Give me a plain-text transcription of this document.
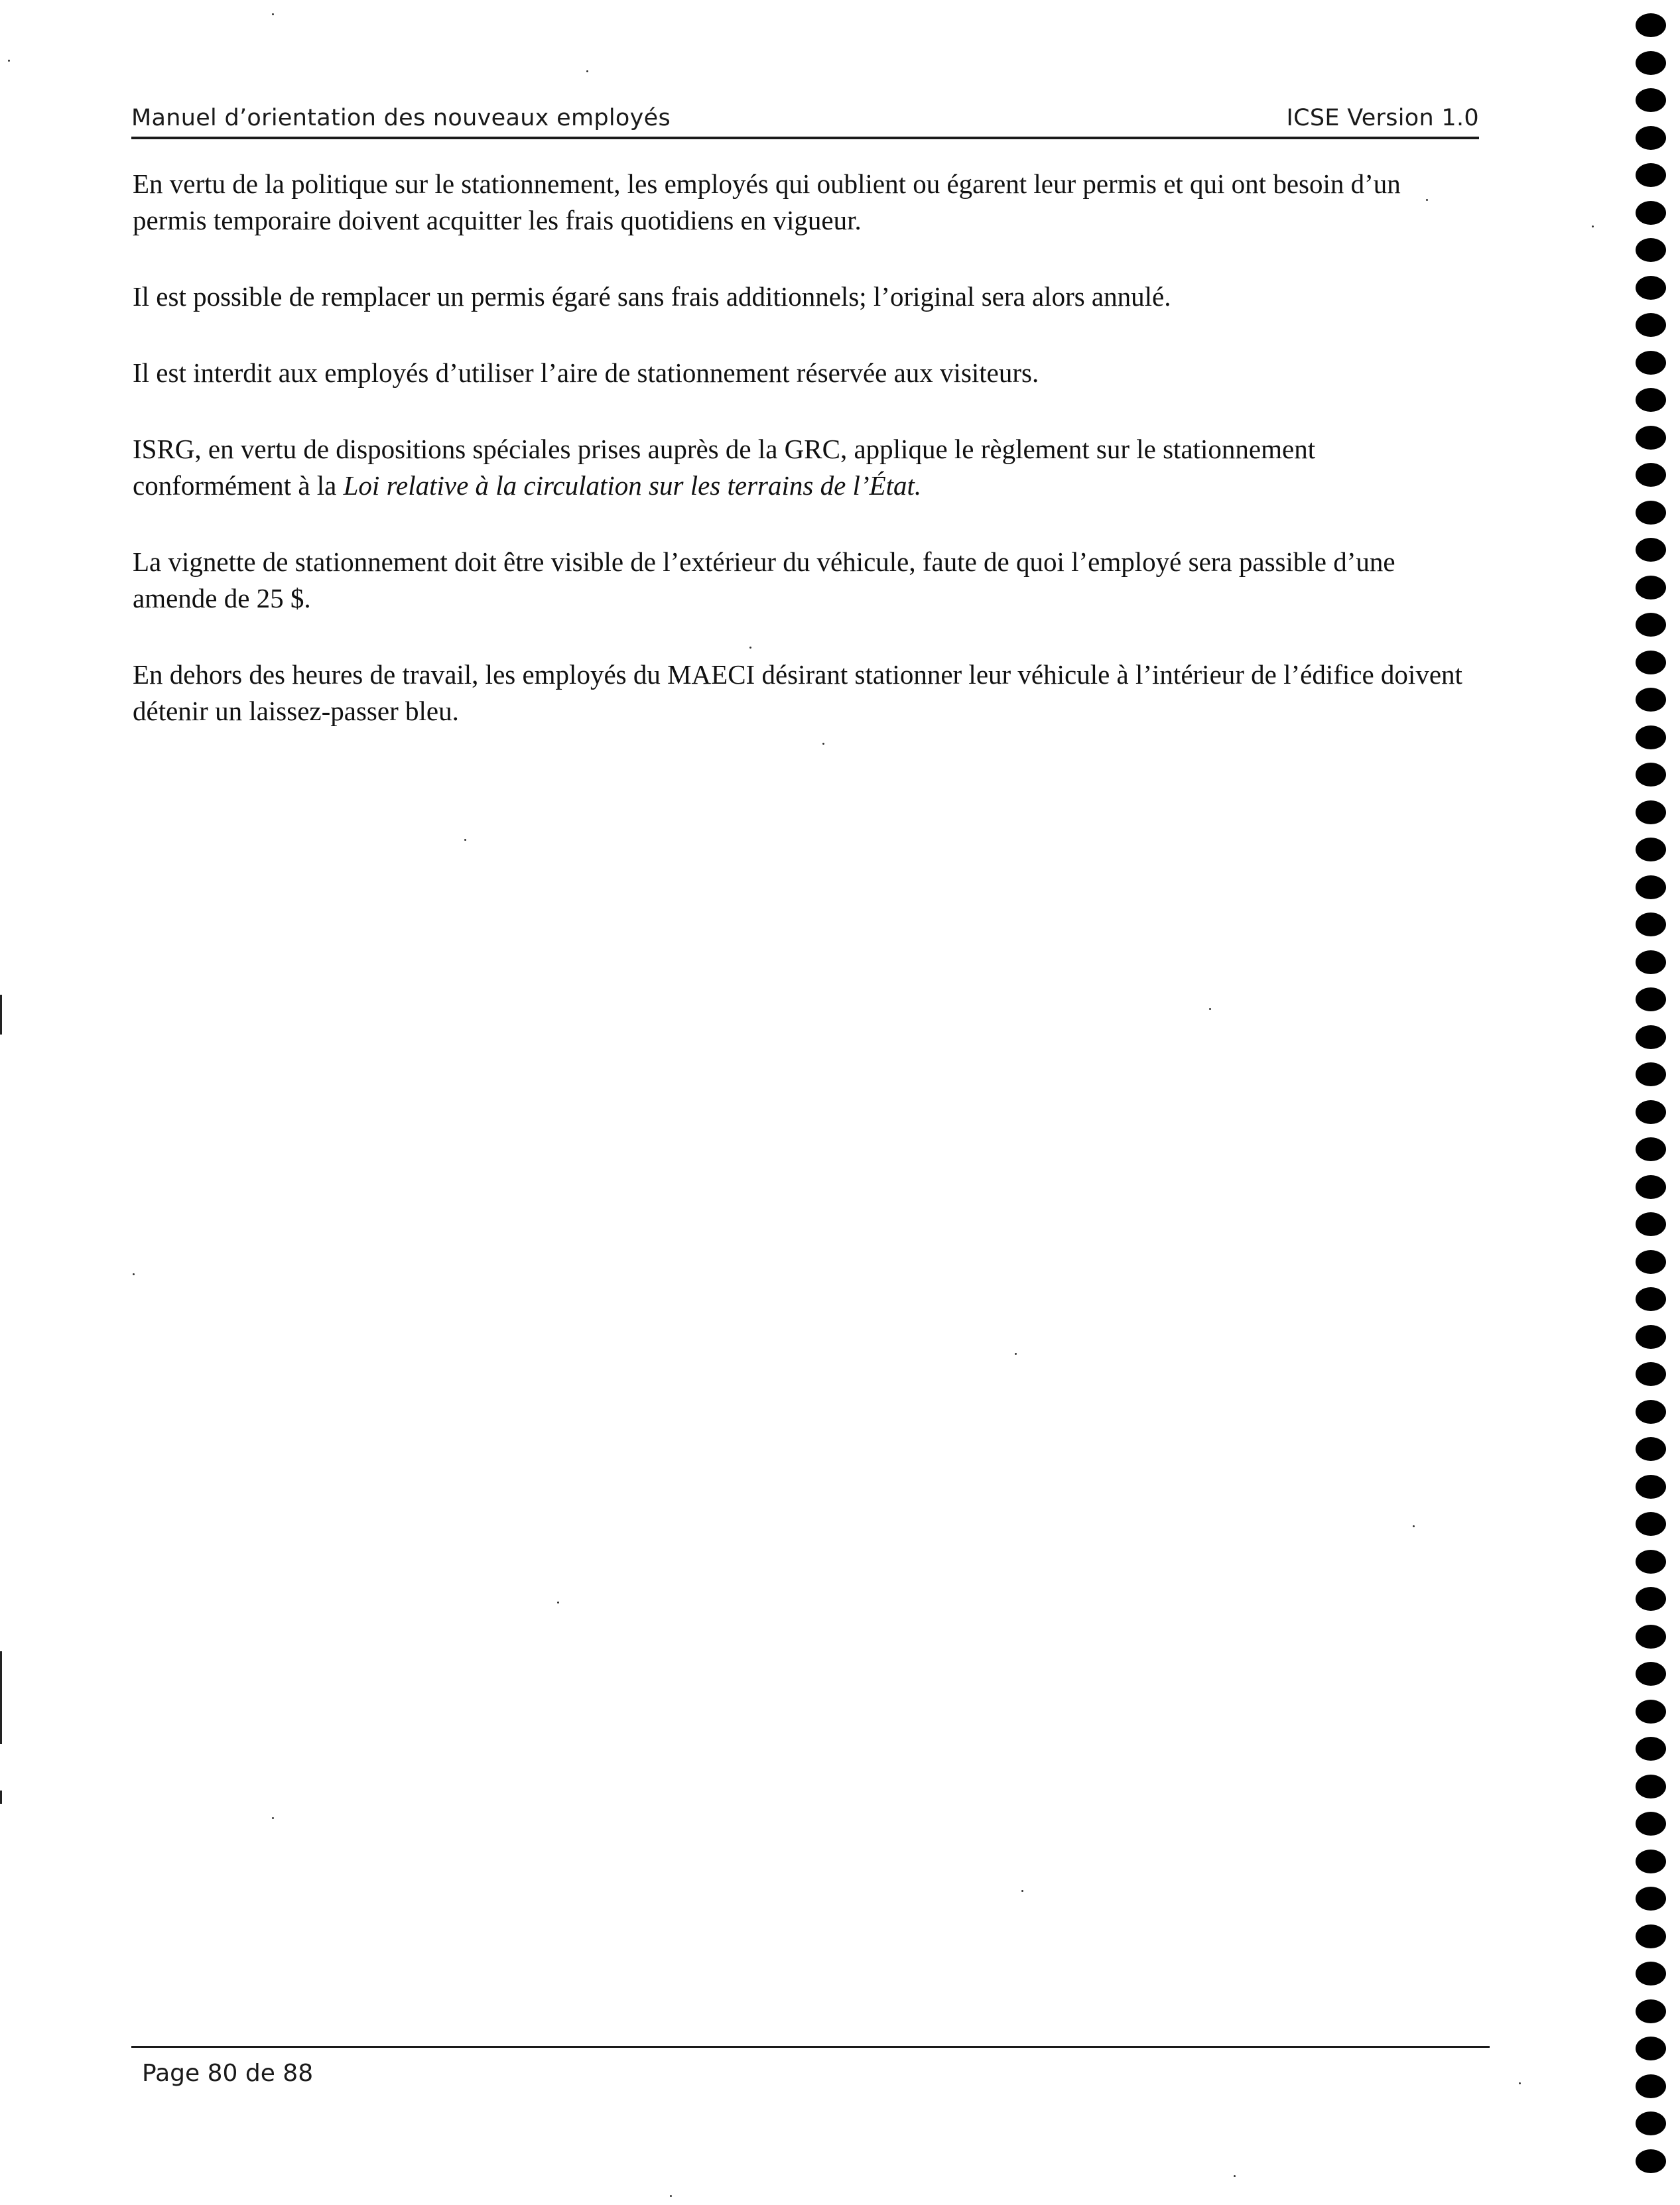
Manuel d’orientation des nouveaux employés	ICSE Version 1.0

En vertu de la politique sur le stationnement, les employés qui oublient ou égarent leur permis et qui ont besoin d’un permis temporaire doivent acquitter les frais quotidiens en vigueur.

Il est possible de remplacer un permis égaré sans frais additionnels; l’original sera alors annulé.

Il est interdit aux employés d’utiliser l’aire de stationnement réservée aux visiteurs.

ISRG, en vertu de dispositions spéciales prises auprès de la GRC, applique le règlement sur le stationnement conformément à la Loi relative à la circulation sur les terrains de l’État.

La vignette de stationnement doit être visible de l’extérieur du véhicule, faute de quoi l’employé sera passible d’une amende de 25 $.

En dehors des heures de travail, les employés du MAECI désirant stationner leur véhicule à l’intérieur de l’édifice doivent détenir un laissez-passer bleu.

Page 80 de 88
